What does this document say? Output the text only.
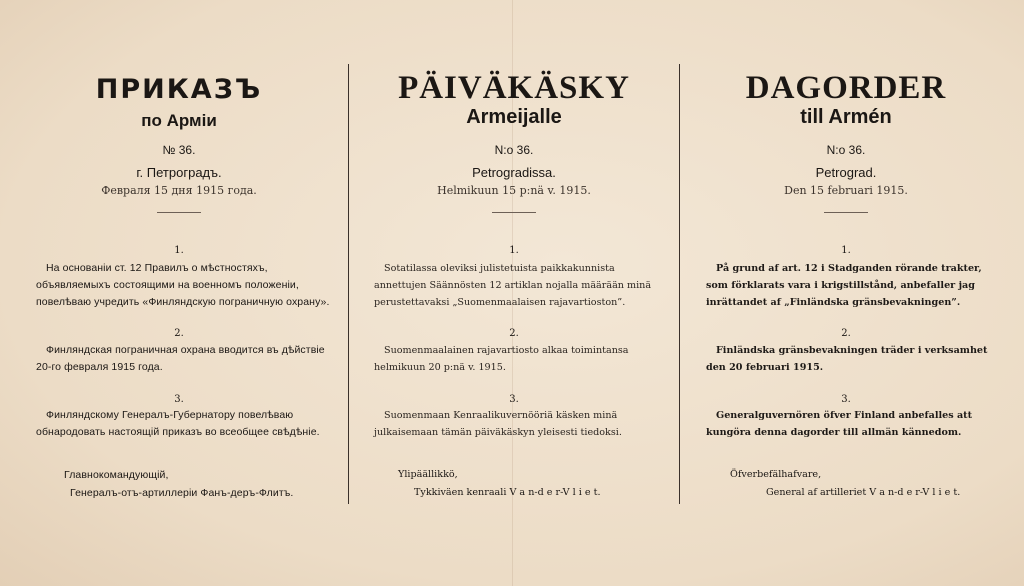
ПРИКАЗЪ
по Армiи
№ 36.
г. Петроградъ.
Февраля 15 дня 1915 года.
1.
На основанiи ст. 12 Правилъ о мѣстностяхъ, объявляемыхъ состоящими на военномъ положенiи, повелѣваю учредить «Финляндскую пограничную охрану».
2.
Финляндская пограничная охрана вводится въ дѣйствiе 20-го февраля 1915 года.
3.
Финляндскому Генералъ-Губернатору повелѣваю обнародовать настоящiй приказъ во всеобщее свѣдѣнiе.
Главнокомандующiй,
Генералъ-отъ-артиллерiи Фанъ-деръ-Флитъ.
PÄIVÄKÄSKY
Armeijalle
N:o 36.
Petrogradissa.
Helmikuun 15 p:nä v. 1915.
1.
Sotatilassa oleviksi julistetuista paikkakunnista annettujen Säännösten 12 artiklan nojalla määrään minä perustettavaksi „Suomenmaalaisen rajavartioston”.
2.
Suomenmaalainen rajavartiosto alkaa toimintansa helmikuun 20 p:nä v. 1915.
3.
Suomenmaan Kenraalikuvernööriä käsken minä julkaisemaan tämän päiväkäskyn yleisesti tiedoksi.
Ylipäällikkö,
Tykkiväen kenraali V a n-d e r-V l i e t.
DAGORDER
till Armén
N:o 36.
Petrograd.
Den 15 februari 1915.
1.
På grund af art. 12 i Stadganden rörande trakter, som förklarats vara i krigstillstånd, anbefaller jag inrättandet af „Finländska gränsbevakningen”.
2.
Finländska gränsbevakningen träder i verksamhet den 20 februari 1915.
3.
Generalguvernören öfver Finland anbefalles att kungöra denna dagorder till allmän kännedom.
Öfverbefälhafvare,
General af artilleriet V a n-d e r-V l i e t.
